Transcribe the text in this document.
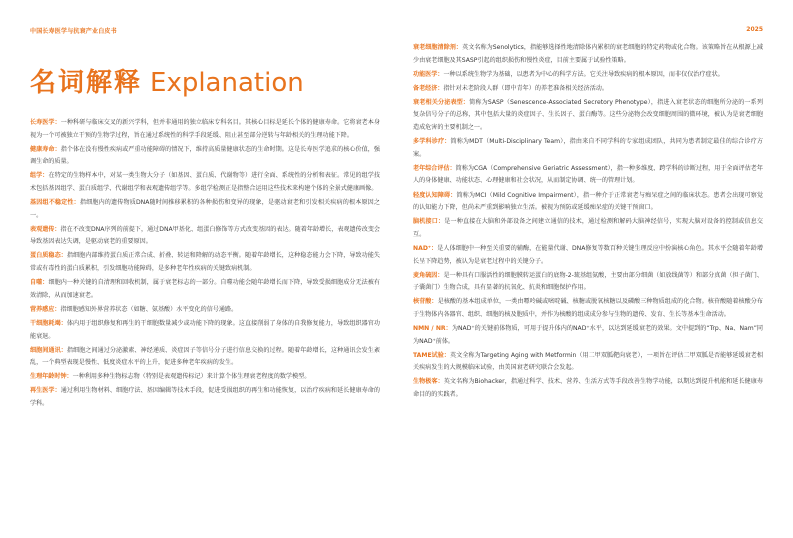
中国长寿医学与抗衰产业白皮书	2025
名词解释 Explanation

长寿医学：一种科研与临床交叉的新兴学科，但并非通用的独立临床专科名目。其核心目标是延长个体的健康寿命。它将衰老本身视为一个可被独立干预的生物学过程，旨在通过系统性的科学手段延缓、阻止甚至部分逆转与年龄相关的生理功能下降。

健康寿命：指个体在没有慢性疾病或严重功能障碍的情况下，维持高质量健康状态的生命时期。这是长寿医学追求的核心价值，强调生命的质量。

组学：在特定的生物样本中，对某一类生物大分子（如基因、蛋白质、代谢物等）进行全面、系统性的分析和表征。常见的组学技术包括基因组学、蛋白质组学、代谢组学和表观遗传组学等。多组学检测正是指整合运用这些技术来构建个体的全景式健康画像。

基因组不稳定性：指细胞内的遗传物质DNA随时间推移累积的各种损伤和变异的现象，是驱动衰老和引发相关疾病的根本原因之一。

表观遗传：指在不改变DNA序列的前提下，通过DNA甲基化、组蛋白修饰等方式改变基因的表达。随着年龄增长，表观遗传改变会导致基因表达失调，是驱动衰老的重要原因。

蛋白质稳态：指细胞内部维持蛋白质正常合成、折叠、转运和降解的动态平衡。随着年龄增长，这种稳态能力会下降，导致功能失常或有毒性的蛋白质累积，引发细胞功能障碍，是多种老年性疾病的关键致病机制。

自噬：细胞内一种关键的自清理和回收机制，属于衰老标志的一部分。自噬功能会随年龄增长而下降，导致受损细胞成分无法被有效清除，从而加速衰老。

营养感应：指细胞感知外界营养状态（如糖、氨基酸）水平变化的信号通路。

干细胞耗竭：体内用于组织修复和再生的干细胞数量减少或功能下降的现象。这直接削弱了身体的自我修复能力，导致组织器官功能衰退。

细胞间通讯：指细胞之间通过分泌激素、神经递质、炎症因子等信号分子进行信息交换的过程。随着年龄增长，这种通讯会发生紊乱，一个典型表现是慢性、低度炎症水平的上升，促进多种老年疾病的发生。

生理年龄时钟：一种利用多种生物标志物（特别是表观遗传标记）来计算个体生理衰老程度的数学模型。

再生医学：通过利用生物材料、细胞疗法、基因编辑等技术手段，促进受损组织的再生和功能恢复，以治疗疾病和延长健康寿命的学科。

衰老细胞清除剂：英文名称为Senolytics，指能够选择性地清除体内累积的衰老细胞的特定药物或化合物。该策略旨在从根源上减少由衰老细胞及其SASP引起的组织损伤和慢性炎症，目前主要属于试验性策略。

功能医学：一种以系统生物学为基础，以患者为中心的科学方法。它关注导致疾病的根本原因，而非仅仅治疗症状。

备老经济：指针对未老阶段人群（即中青年）的养老准备相关经济活动。

衰老相关分泌表型：简称为SASP（Senescence-Associated Secretory Phenotype），指进入衰老状态的细胞所分泌的一系列复杂信号分子的总称，其中包括大量的炎症因子、生长因子、蛋白酶等。这些分泌物会改变细胞周围的微环境，被认为是衰老细胞造成危害的主要机制之一。

多学科诊疗：简称为MDT（Multi-Disciplinary Team），指由来自不同学科的专家组成团队，共同为患者制定最佳的综合诊疗方案。

老年综合评估：简称为CGA（Comprehensive Geriatric Assessment），指一种多维度、跨学科的诊断过程，用于全面评估老年人的身体健康、功能状态、心理健康和社会状况，从而制定协调、统一的管理计划。

轻度认知障碍：简称为MCI（Mild Cognitive Impairment），指一种介于正常衰老与痴呆症之间的临床状态。患者会出现可察觉的认知能力下降，但尚未严重到影响独立生活。被视为预防或延缓痴呆症的关键干预窗口。

脑机接口：是一种直接在大脑和外部设备之间建立通信的技术，通过检测和解码大脑神经信号，实现大脑对设备的控制或信息交互。

NAD⁺：是人体细胞中一种至关重要的辅酶，在能量代谢、DNA修复等数百种关键生理反应中扮演核心角色。其水平会随着年龄增长呈下降趋势，被认为是衰老过程中的关键分子。

麦角硫因：是一种具有口服活性的细胞膜转运蛋白的底物-2-巯基组氨酸，主要由部分细菌（如放线菌等）和部分真菌（担子菌门、子囊菌门）生物合成，具有显著的抗氧化、抗炎和细胞保护作用。

核苷酸：是核酸的基本组成单位，一类由嘌呤碱或嘧啶碱、核糖或脱氧核糖以及磷酸三种物质组成的化合物。核苷酸随着核酸分布于生物体内各器官、组织、细胞的核及胞质中，并作为核酸的组成成分参与生物的遗传、发育、生长等基本生命活动。

NMN / NR：为NAD⁺的关键前体物质，可用于提升体内的NAD⁺水平，以达到延缓衰老的效果。文中提到的“Trp、Na、Nam”同为NAD⁺前体。

TAME试验：英文全称为Targeting Aging with Metformin（用二甲双胍靶向衰老），一项旨在评估二甲双胍是否能够延缓衰老相关疾病发生的大规模临床试验，由美国衰老研究联合会发起。

生物极客：英文名称为Biohacker，指通过科学、技术、营养、生活方式等手段改善生物学功能，以期达到提升机能和延长健康寿命目的的实践者。
